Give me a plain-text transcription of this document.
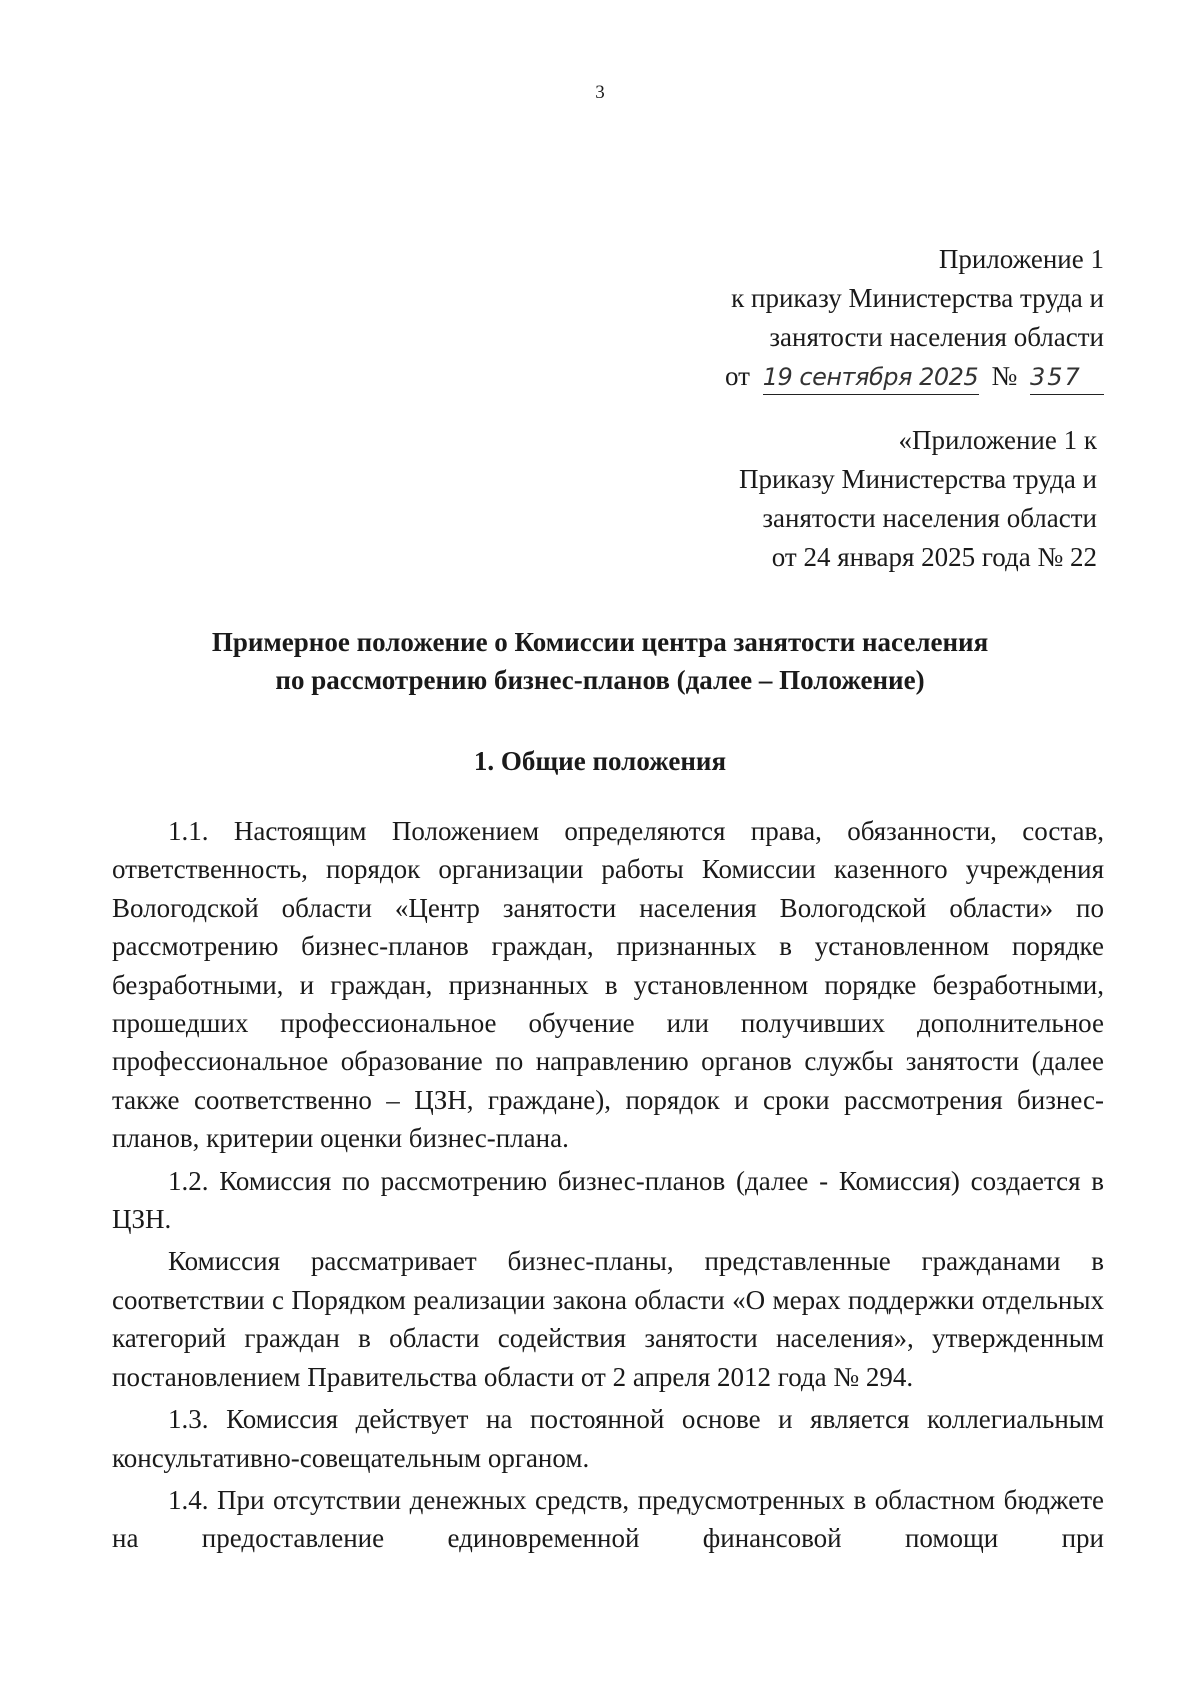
3
Приложение 1
к приказу Министерства труда и
занятости населения области
от 19 сентября 2025 № 357
«Приложение 1 к
Приказу Министерства труда и
занятости населения области
от 24 января 2025 года № 22
Примерное положение о Комиссии центра занятости населения
по рассмотрению бизнес-планов (далее – Положение)
1. Общие положения

1.1. Настоящим Положением определяются права, обязанности, состав, ответственность, порядок организации работы Комиссии казенного учреждения Вологодской области «Центр занятости населения Вологодской области» по рассмотрению бизнес-планов граждан, признанных в установленном порядке безработными, и граждан, признанных в установленном порядке безработными, прошедших профессиональное обучение или получивших дополнительное профессиональное образование по направлению органов службы занятости (далее также соответственно – ЦЗН, граждане), порядок и сроки рассмотрения бизнес-планов, критерии оценки бизнес-плана.

1.2. Комиссия по рассмотрению бизнес-планов (далее - Комиссия) создается в ЦЗН.

Комиссия рассматривает бизнес-планы, представленные гражданами в соответствии с Порядком реализации закона области «О мерах поддержки отдельных категорий граждан в области содействия занятости населения», утвержденным постановлением Правительства области от 2 апреля 2012 года № 294.

1.3. Комиссия действует на постоянной основе и является коллегиальным консультативно-совещательным органом.

1.4. При отсутствии денежных средств, предусмотренных в областном бюджете на предоставление единовременной финансовой помощи при
